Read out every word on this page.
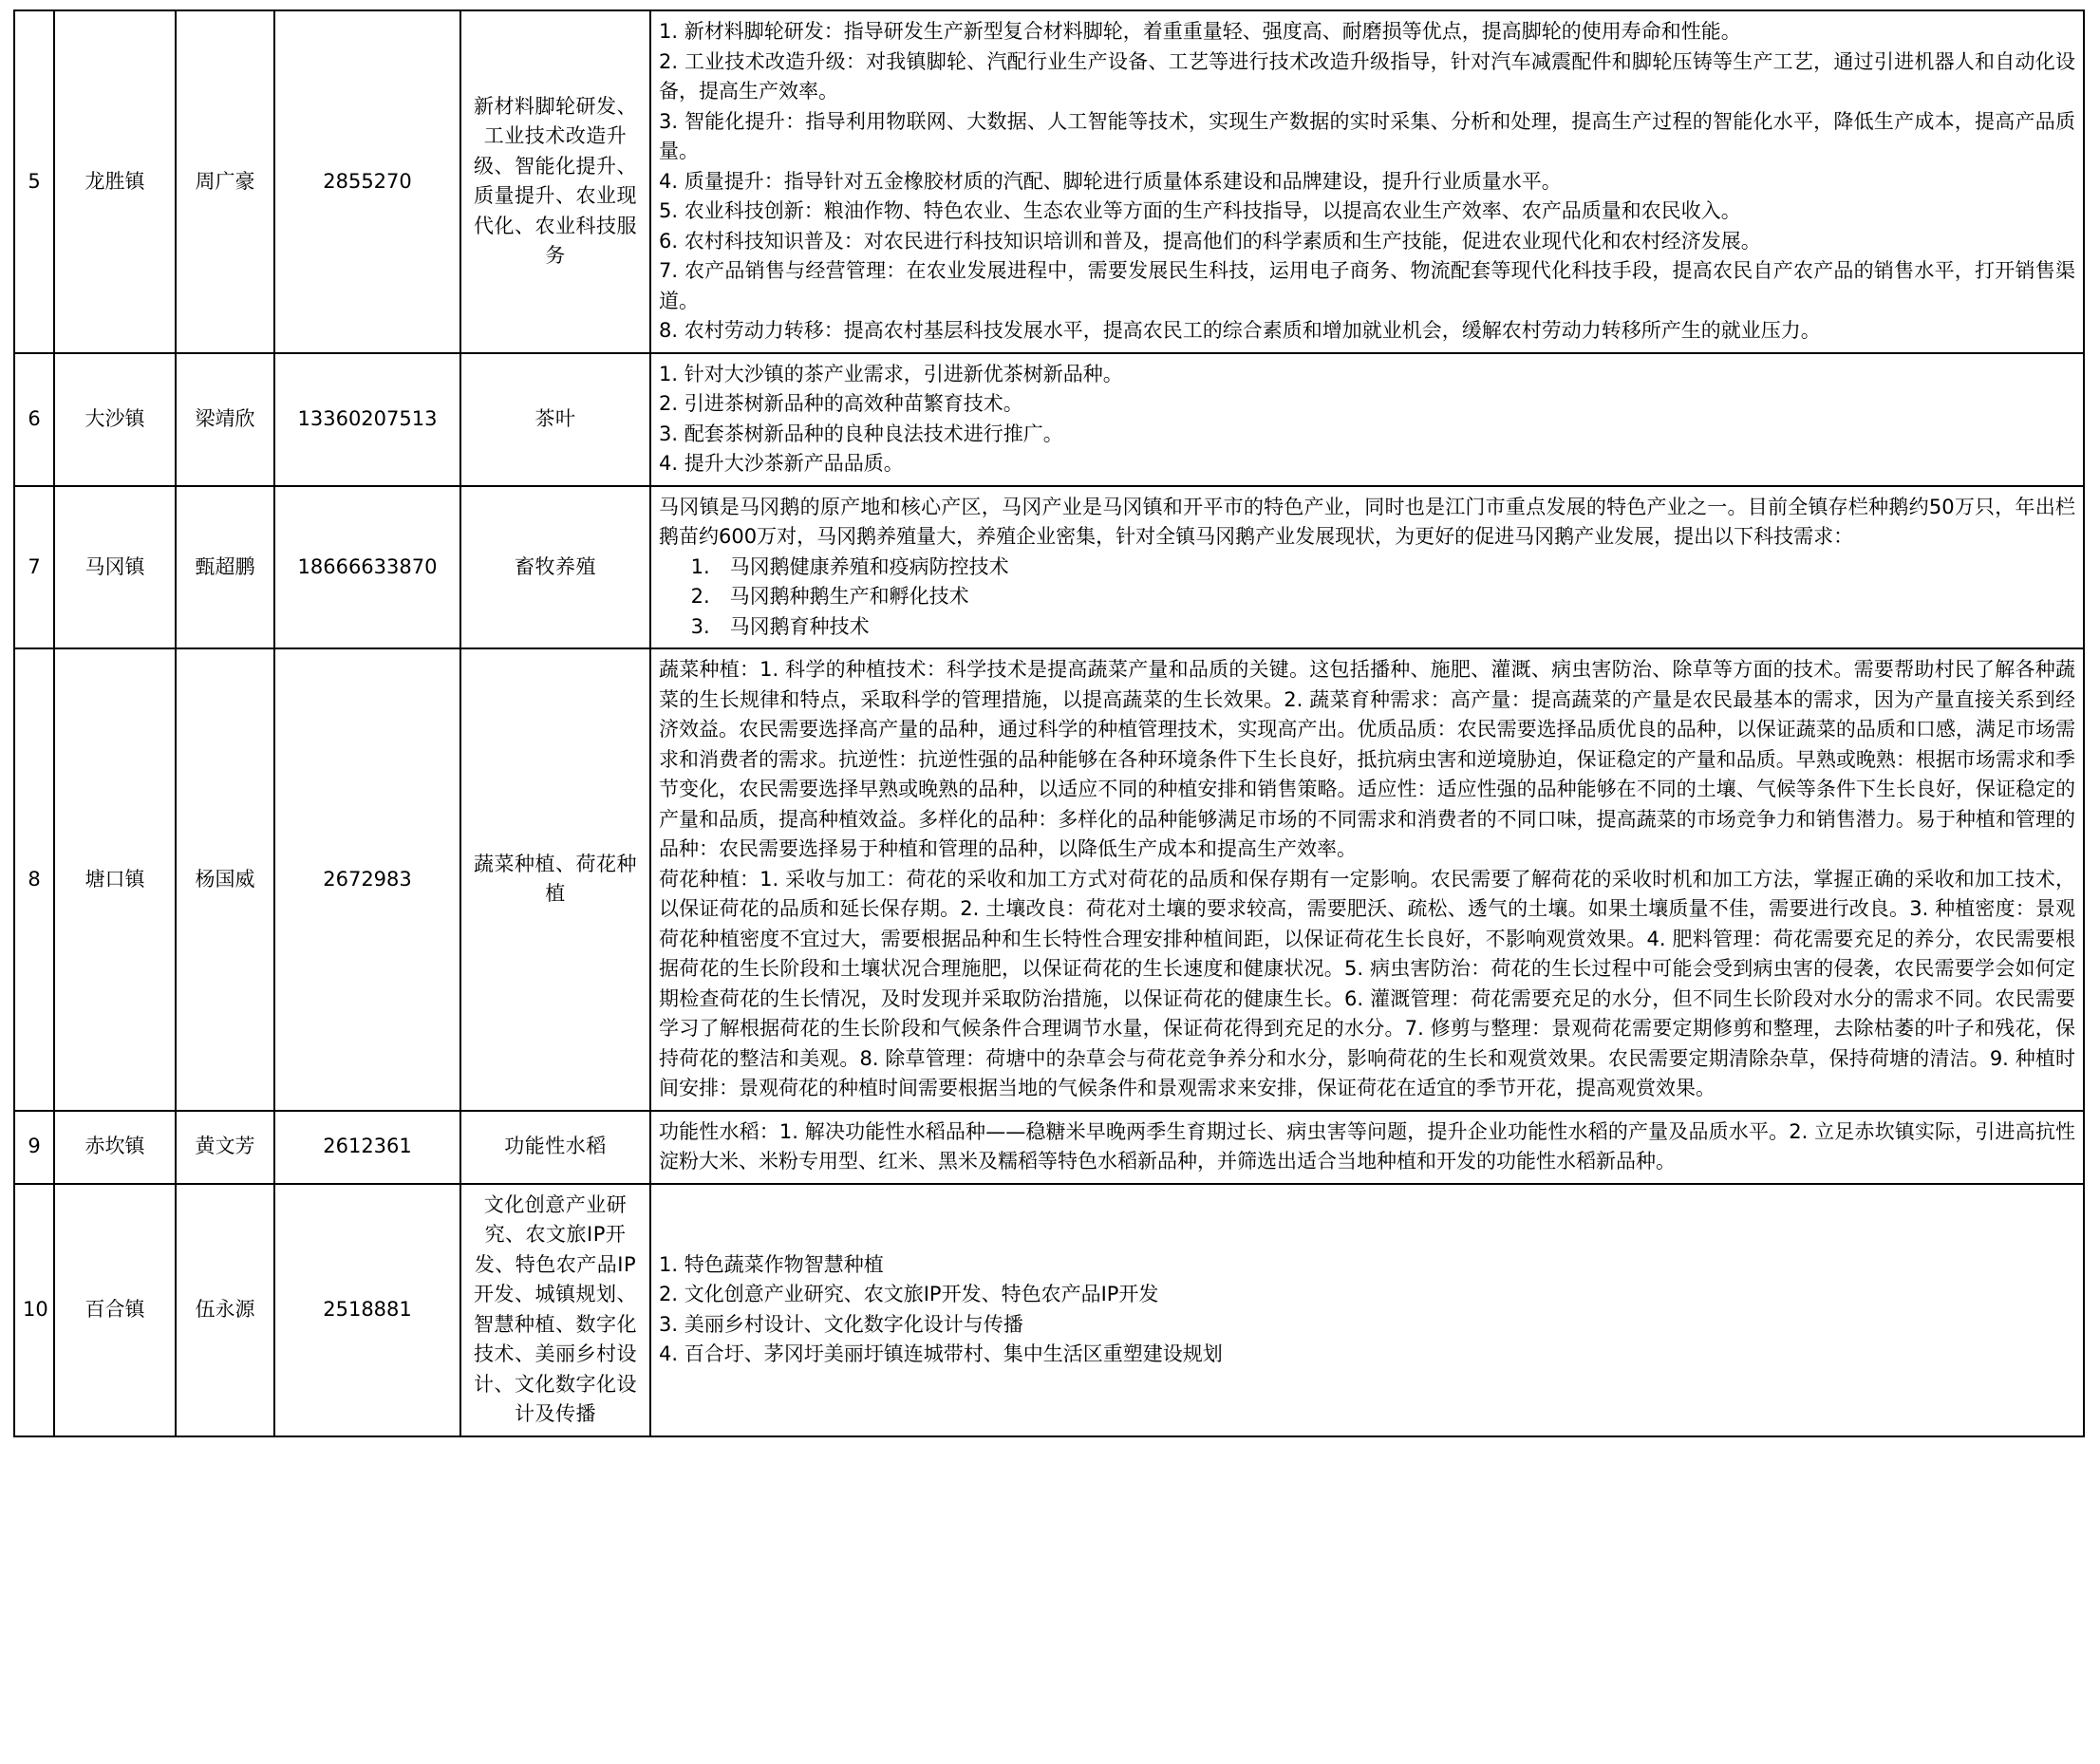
5	龙胜镇	周广豪	2855270	新材料脚轮研发、工业技术改造升级、智能化提升、质量提升、农业现代化、农业科技服务	

1. 新材料脚轮研发：指导研发生产新型复合材料脚轮，着重重量轻、强度高、耐磨损等优点，提高脚轮的使用寿命和性能。

2. 工业技术改造升级：对我镇脚轮、汽配行业生产设备、工艺等进行技术改造升级指导，针对汽车减震配件和脚轮压铸等生产工艺，通过引进机器人和自动化设备，提高生产效率。

3. 智能化提升：指导利用物联网、大数据、人工智能等技术，实现生产数据的实时采集、分析和处理，提高生产过程的智能化水平，降低生产成本，提高产品质量。

4. 质量提升：指导针对五金橡胶材质的汽配、脚轮进行质量体系建设和品牌建设，提升行业质量水平。

5. 农业科技创新：粮油作物、特色农业、生态农业等方面的生产科技指导，以提高农业生产效率、农产品质量和农民收入。

6. 农村科技知识普及：对农民进行科技知识培训和普及，提高他们的科学素质和生产技能，促进农业现代化和农村经济发展。

7. 农产品销售与经营管理：在农业发展进程中，需要发展民生科技，运用电子商务、物流配套等现代化科技手段，提高农民自产农产品的销售水平，打开销售渠道。

8. 农村劳动力转移：提高农村基层科技发展水平，提高农民工的综合素质和增加就业机会，缓解农村劳动力转移所产生的就业压力。

6	大沙镇	梁靖欣	13360207513	茶叶	1. 针对大沙镇的茶产业需求，引进新优茶树新品种。

2. 引进茶树新品种的高效种苗繁育技术。

3. 配套茶树新品种的良种良法技术进行推广。

4. 提升大沙茶新产品品质。

7	马冈镇	甄超鹏	18666633870	畜牧养殖	马冈镇是马冈鹅的原产地和核心产区，马冈产业是马冈镇和开平市的特色产业，同时也是江门市重点发展的特色产业之一。目前全镇存栏种鹅约50万只，年出栏鹅苗约600万对，马冈鹅养殖量大，养殖企业密集，针对全镇马冈鹅产业发展现状，为更好的促进马冈鹅产业发展，提出以下科技需求：

1.　马冈鹅健康养殖和疫病防控技术

2.　马冈鹅种鹅生产和孵化技术

3.　马冈鹅育种技术

8	塘口镇	杨国威	2672983	蔬菜种植、荷花种植	蔬菜种植：1. 科学的种植技术：科学技术是提高蔬菜产量和品质的关键。这包括播种、施肥、灌溉、病虫害防治、除草等方面的技术。需要帮助村民了解各种蔬菜的生长规律和特点，采取科学的管理措施，以提高蔬菜的生长效果。2. 蔬菜育种需求：高产量：提高蔬菜的产量是农民最基本的需求，因为产量直接关系到经济效益。农民需要选择高产量的品种，通过科学的种植管理技术，实现高产出。优质品质：农民需要选择品质优良的品种，以保证蔬菜的品质和口感，满足市场需求和消费者的需求。抗逆性：抗逆性强的品种能够在各种环境条件下生长良好，抵抗病虫害和逆境胁迫，保证稳定的产量和品质。早熟或晚熟：根据市场需求和季节变化，农民需要选择早熟或晚熟的品种，以适应不同的种植安排和销售策略。适应性：适应性强的品种能够在不同的土壤、气候等条件下生长良好，保证稳定的产量和品质，提高种植效益。多样化的品种：多样化的品种能够满足市场的不同需求和消费者的不同口味，提高蔬菜的市场竞争力和销售潜力。易于种植和管理的品种：农民需要选择易于种植和管理的品种，以降低生产成本和提高生产效率。

荷花种植：1. 采收与加工：荷花的采收和加工方式对荷花的品质和保存期有一定影响。农民需要了解荷花的采收时机和加工方法，掌握正确的采收和加工技术，以保证荷花的品质和延长保存期。2. 土壤改良：荷花对土壤的要求较高，需要肥沃、疏松、透气的土壤。如果土壤质量不佳，需要进行改良。3. 种植密度：景观荷花种植密度不宜过大，需要根据品种和生长特性合理安排种植间距，以保证荷花生长良好，不影响观赏效果。4. 肥料管理：荷花需要充足的养分，农民需要根据荷花的生长阶段和土壤状况合理施肥，以保证荷花的生长速度和健康状况。5. 病虫害防治：荷花的生长过程中可能会受到病虫害的侵袭，农民需要学会如何定期检查荷花的生长情况，及时发现并采取防治措施，以保证荷花的健康生长。6. 灌溉管理：荷花需要充足的水分，但不同生长阶段对水分的需求不同。农民需要学习了解根据荷花的生长阶段和气候条件合理调节水量，保证荷花得到充足的水分。7. 修剪与整理：景观荷花需要定期修剪和整理，去除枯萎的叶子和残花，保持荷花的整洁和美观。8. 除草管理：荷塘中的杂草会与荷花竞争养分和水分，影响荷花的生长和观赏效果。农民需要定期清除杂草，保持荷塘的清洁。9. 种植时间安排：景观荷花的种植时间需要根据当地的气候条件和景观需求来安排，保证荷花在适宜的季节开花，提高观赏效果。

9	赤坎镇	黄文芳	2612361	功能性水稻	功能性水稻：1. 解决功能性水稻品种——稳糖米早晚两季生育期过长、病虫害等问题，提升企业功能性水稻的产量及品质水平。2. 立足赤坎镇实际，引进高抗性淀粉大米、米粉专用型、红米、黑米及糯稻等特色水稻新品种，并筛选出适合当地种植和开发的功能性水稻新品种。

10	百合镇	伍永源	2518881	文化创意产业研究、农文旅IP开发、特色农产品IP开发、城镇规划、智慧种植、数字化技术、美丽乡村设计、文化数字化设计及传播	1. 特色蔬菜作物智慧种植

2. 文化创意产业研究、农文旅IP开发、特色农产品IP开发

3. 美丽乡村设计、文化数字化设计与传播

4. 百合圩、茅冈圩美丽圩镇连城带村、集中生活区重塑建设规划
